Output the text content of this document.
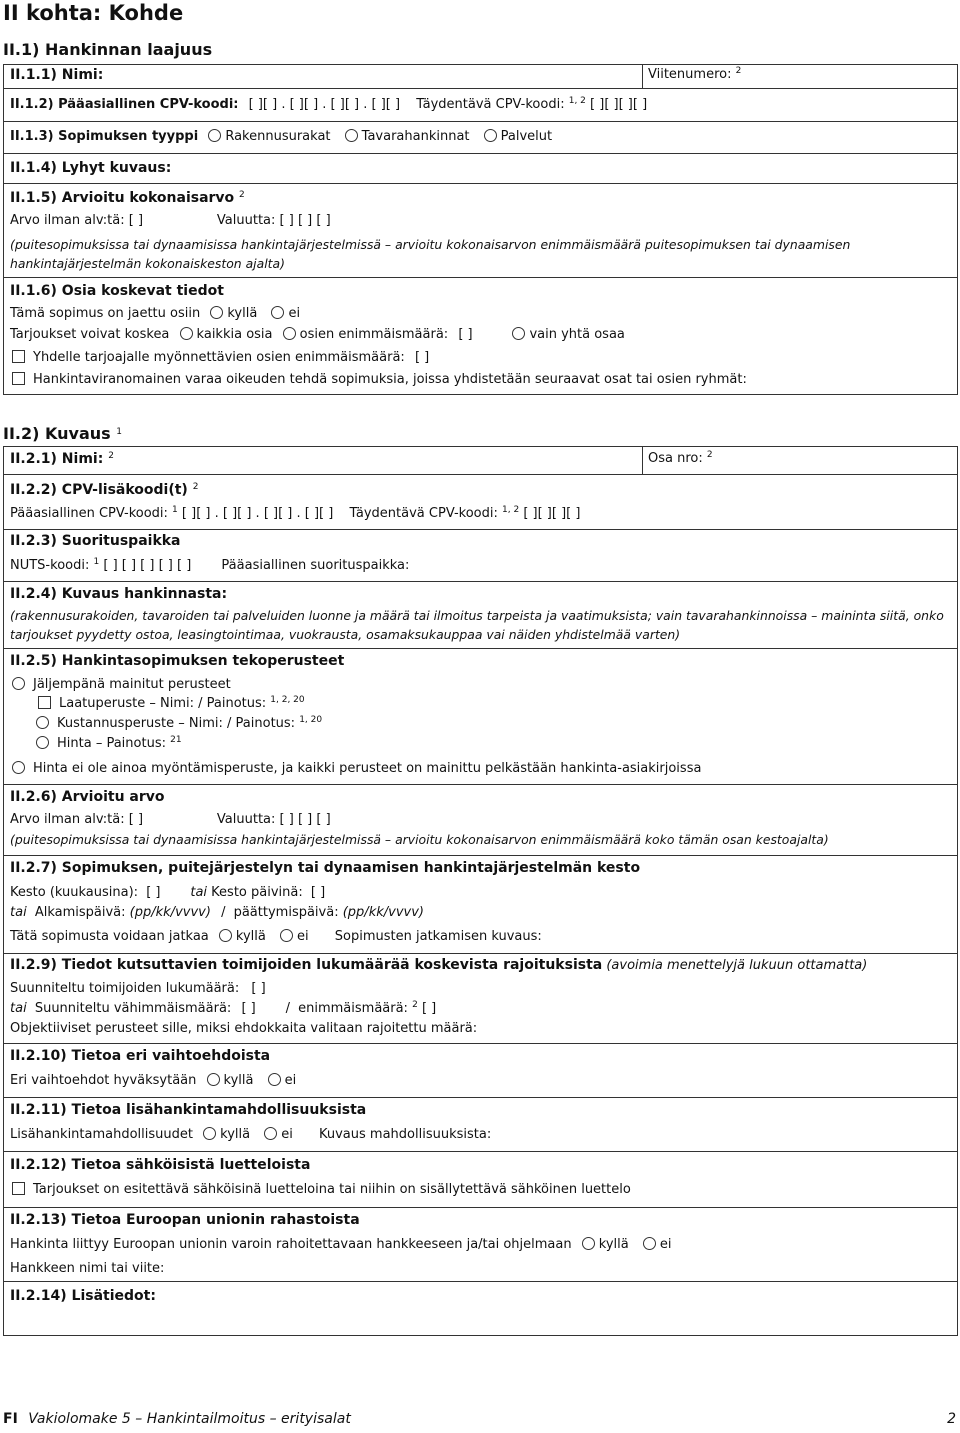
II kohta: Kohde
II.1) Hankinnan laajuus
II.1.1) Nimi:	Viitenumero: $^2$
II.1.2) Pääasiallinen CPV-koodi: [ ][ ] . [ ][ ] . [ ][ ] . [ ][ ] Täydentävä CPV-koodi: $^{1, 2}$ [ ][ ][ ][ ]
II.1.3) Sopimuksen tyyppi Rakennusurakat Tavarahankinnat Palvelut
II.1.4) Lyhyt kuvaus:
II.1.5) Arvioitu kokonaisarvo $^2$
Arvo ilman alv:tä: [ ]	Valuutta: [ ] [ ] [ ]
(puitesopimuksissa tai dynaamisissa hankintajärjestelmissä – arvioitu kokonaisarvon enimmäismäärä puitesopimuksen tai dynaamisen hankintajärjestelmän kokonaiskeston ajalta)
II.1.6) Osia koskevat tiedot
Tämä sopimus on jaettu osiin kyllä ei
Tarjoukset voivat koskea kaikkia osia osien enimmäismäärä: [ ]	vain yhtä osaa
Yhdelle tarjoajalle myönnettävien osien enimmäismäärä: [ ]
Hankintaviranomainen varaa oikeuden tehdä sopimuksia, joissa yhdistetään seuraavat osat tai osien ryhmät:
II.2) Kuvaus $^1$
II.2.1) Nimi: $^2$	Osa nro: $^2$
II.2.2) CPV-lisäkoodi(t) $^2$
Pääasiallinen CPV-koodi: $^1$ [ ][ ] . [ ][ ] . [ ][ ] . [ ][ ] Täydentävä CPV-koodi: $^{1, 2}$ [ ][ ][ ][ ]
II.2.3) Suorituspaikka
NUTS-koodi: $^1$ [ ] [ ] [ ] [ ] [ ] Pääasiallinen suorituspaikka:
II.2.4) Kuvaus hankinnasta:
(rakennusurakoiden, tavaroiden tai palveluiden luonne ja määrä tai ilmoitus tarpeista ja vaatimuksista; vain tavarahankinnoissa – maininta siitä, onko tarjoukset pyydetty ostoa, leasingtointimaa, vuokrausta, osamaksukauppaa vai näiden yhdistelmää varten)
II.2.5) Hankintasopimuksen tekoperusteet
Jäljempänä mainitut perusteet
Laatuperuste – Nimi: / Painotus: $^{1, 2, 20}$
Kustannusperuste – Nimi: / Painotus: $^{1, 20}$
Hinta – Painotus: $^{21}$
Hinta ei ole ainoa myöntämisperuste, ja kaikki perusteet on mainittu pelkästään hankinta-asiakirjoissa
II.2.6) Arvioitu arvo
Arvo ilman alv:tä: [ ]	Valuutta: [ ] [ ] [ ]
(puitesopimuksissa tai dynaamisissa hankintajärjestelmissä – arvioitu kokonaisarvon enimmäismäärä koko tämän osan kestoajalta)
II.2.7) Sopimuksen, puitejärjestelyn tai dynaamisen hankintajärjestelmän kesto
Kesto (kuukausina): [ ] tai Kesto päivinä: [ ]
tai Alkamispäivä: (pp/kk/vvvv) / päättymispäivä: (pp/kk/vvvv)
Tätä sopimusta voidaan jatkaa kyllä ei Sopimusten jatkamisen kuvaus:
II.2.9) Tiedot kutsuttavien toimijoiden lukumäärää koskevista rajoituksista (avoimia menettelyjä lukuun ottamatta)
Suunniteltu toimijoiden lukumäärä: [ ]
tai Suunniteltu vähimmäismäärä: [ ] / enimmäismäärä: $^2$ [ ]
Objektiiviset perusteet sille, miksi ehdokkaita valitaan rajoitettu määrä:
II.2.10) Tietoa eri vaihtoehdoista
Eri vaihtoehdot hyväksytään kyllä ei
II.2.11) Tietoa lisähankintamahdollisuuksista
Lisähankintamahdollisuudet kyllä ei Kuvaus mahdollisuuksista:
II.2.12) Tietoa sähköisistä luetteloista
Tarjoukset on esitettävä sähköisinä luetteloina tai niihin on sisällytettävä sähköinen luettelo
II.2.13) Tietoa Euroopan unionin rahastoista
Hankinta liittyy Euroopan unionin varoin rahoitettavaan hankkeeseen ja/tai ohjelmaan kyllä ei
Hankkeen nimi tai viite:
II.2.14) Lisätiedot:
FI Vakiolomake 5 – Hankintailmoitus – erityisalat	2
